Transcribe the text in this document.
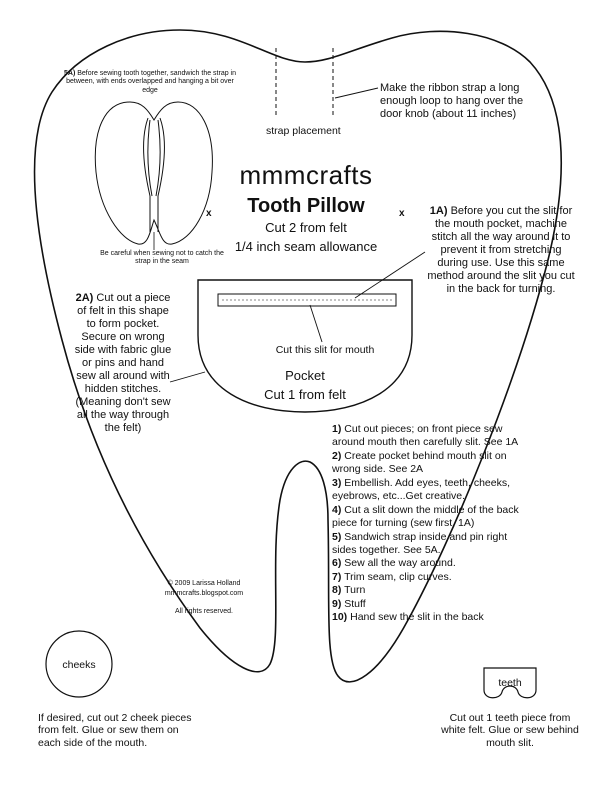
strap placement
Make the ribbon strap a long enough loop to hang over the door knob (about 11 inches)
5A) Before sewing tooth together, sandwich the strap in between, with ends overlapped and hanging a bit over edge
Be careful when sewing not to catch the strap in the seam
mmmcrafts
Tooth Pillow
Cut 2 from felt
1/4 inch seam allowance
x	x	1A) Before you cut the slit for the mouth pocket, machine stitch all the way around it to prevent it from stretching during use. Use this same method around the slit you cut in the back for turning.
2A) Cut out a piece of felt in this shape to form pocket. Secure on wrong side with fabric glue or pins and hand sew all around with hidden stitches. (Meaning don't sew all the way through the felt)
Cut this slit for mouth
Pocket
Cut 1 from felt
1) Cut out pieces; on front piece sew around mouth then carefully slit. See 1A
2) Create pocket behind mouth slit on wrong side. See 2A
3) Embellish. Add eyes, teeth, cheeks, eyebrows, etc...Get creative.
4) Cut a slit down the middle of the back piece for turning (sew first, 1A)
5) Sandwich strap inside and pin right sides together. See 5A.
6) Sew all the way around.
7) Trim seam, clip curves.
8) Turn
9) Stuff
10) Hand sew the slit in the back
© 2009 Larissa Holland
mmmcrafts.blogspot.com
All rights reserved.
cheeks
If desired, cut out 2 cheek pieces from felt. Glue or sew them on each side of the mouth.
teeth
Cut out 1 teeth piece from white felt. Glue or sew behind mouth slit.
